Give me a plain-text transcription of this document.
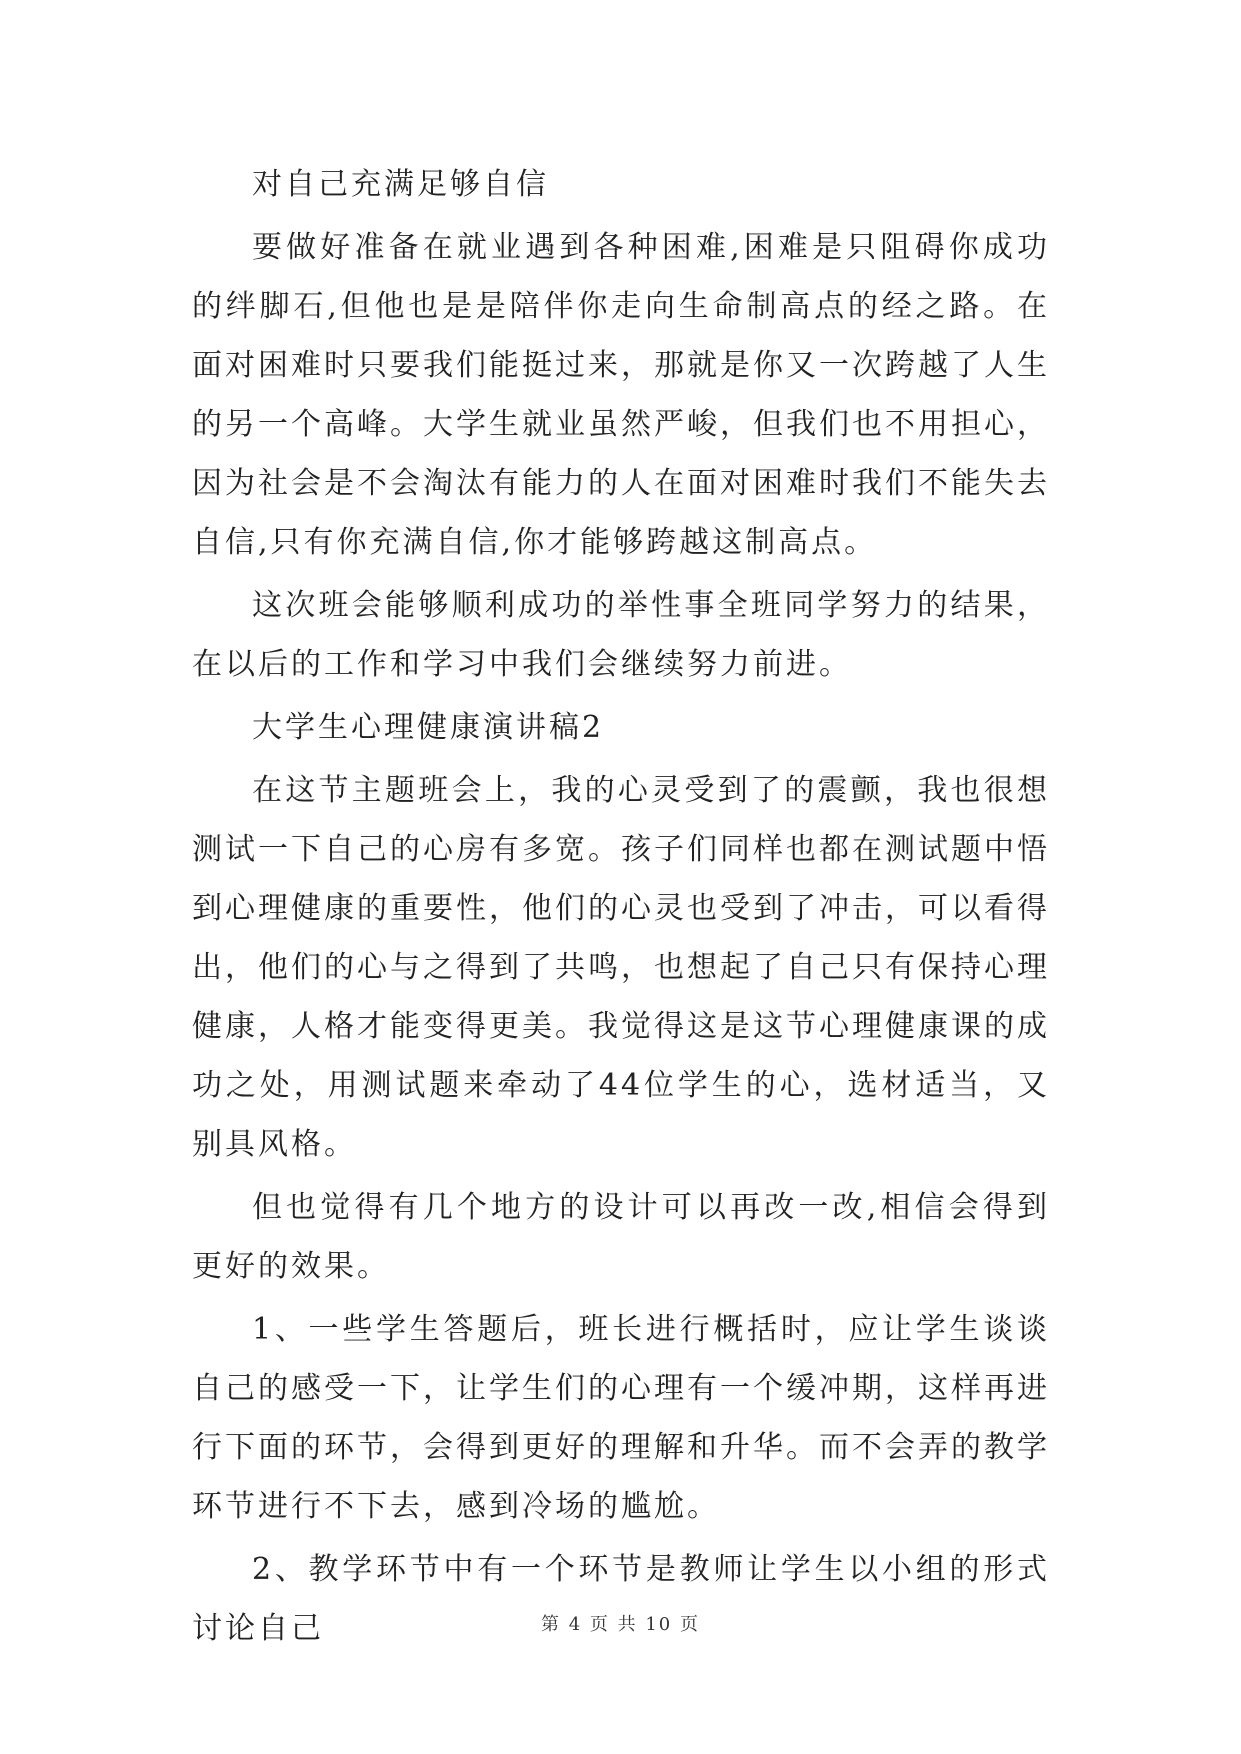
对自己充满足够自信

要做好准备在就业遇到各种困难,困难是只阻碍你成功的绊脚石,但他也是是陪伴你走向生命制高点的经之路。在面对困难时只要我们能挺过来，那就是你又一次跨越了人生的另一个高峰。大学生就业虽然严峻，但我们也不用担心，因为社会是不会淘汰有能力的人在面对困难时我们不能失去自信,只有你充满自信,你才能够跨越这制高点。

这次班会能够顺利成功的举性事全班同学努力的结果，在以后的工作和学习中我们会继续努力前进。

大学生心理健康演讲稿2

在这节主题班会上，我的心灵受到了的震颤，我也很想测试一下自己的心房有多宽。孩子们同样也都在测试题中悟到心理健康的重要性，他们的心灵也受到了冲击，可以看得出，他们的心与之得到了共鸣，也想起了自己只有保持心理健康，人格才能变得更美。我觉得这是这节心理健康课的成功之处，用测试题来牵动了44位学生的心，选材适当，又别具风格。

但也觉得有几个地方的设计可以再改一改,相信会得到更好的效果。

1、一些学生答题后，班长进行概括时，应让学生谈谈自己的感受一下，让学生们的心理有一个缓冲期，这样再进行下面的环节，会得到更好的理解和升华。而不会弄的教学环节进行不下去，感到冷场的尴尬。

2、教学环节中有一个环节是教师让学生以小组的形式讨论自己	第 4 页 共 10 页
